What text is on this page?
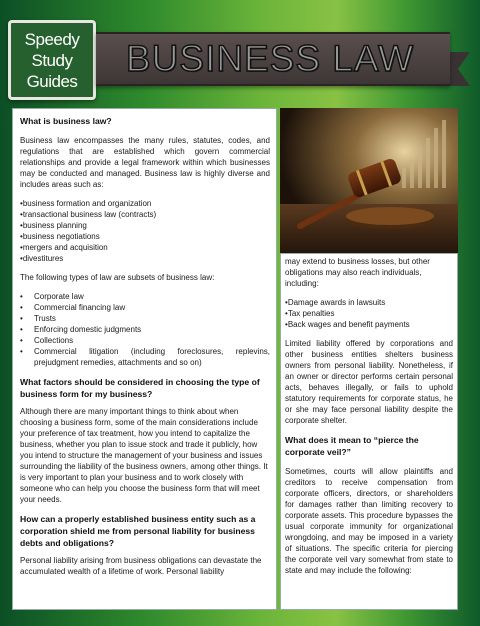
Speedy
Study
Guides
BUSINESS LAW
What is business law?

Business law encompasses the many rules, statutes, codes, and regulations that are established which govern commercial relationships and provide a legal framework within which businesses may be conducted and managed. Business law is highly diverse and includes areas such as:

• business formation and organization
• transactional business law (contracts)
• business planning
• business negotiations
• mergers and acquisition
• divestitures

The following types of law are subsets of business law:

• Corporate law
• Commercial financing law
• Trusts
• Enforcing domestic judgments
• Collections
• Commercial litigation (including foreclosures, replevins, prejudgment remedies, attachments and so on)
What factors should be considered in choosing the type of business form for my business?

Although there are many important things to think about when choosing a business form, some of the main considerations include your preference of tax treatment, how you intend to capitalize the business, whether you plan to issue stock and trade it publicly, how you intend to structure the management of your business and issues surrounding the liability of the business owners, among other things. It is very important to plan your business and to work closely with someone who can help you choose the business form that will meet your needs.

How can a properly established business entity such as a corporation shield me from personal liability for business debts and obligations?

Personal liability arising from business obligations can devastate the accumulated wealth of a lifetime of work. Personal liability

may extend to business losses, but other obligations may also reach individuals, including:

• Damage awards in lawsuits
• Tax penalties
• Back wages and benefit payments

Limited liability offered by corporations and other business entities shelters business owners from personal liability. Nonetheless, if an owner or director performs certain personal acts, behaves illegally, or fails to uphold statutory requirements for corporate status, he or she may face personal liability despite the corporate shelter.

What does it mean to “pierce the corporate veil?”

Sometimes, courts will allow plaintiffs and creditors to receive compensation from corporate officers, directors, or shareholders for damages rather than limiting recovery to corporate assets. This procedure bypasses the usual corporate immunity for organizational wrongdoing, and may be imposed in a variety of situations. The specific criteria for piercing the corporate veil vary somewhat from state to state and may include the following:
